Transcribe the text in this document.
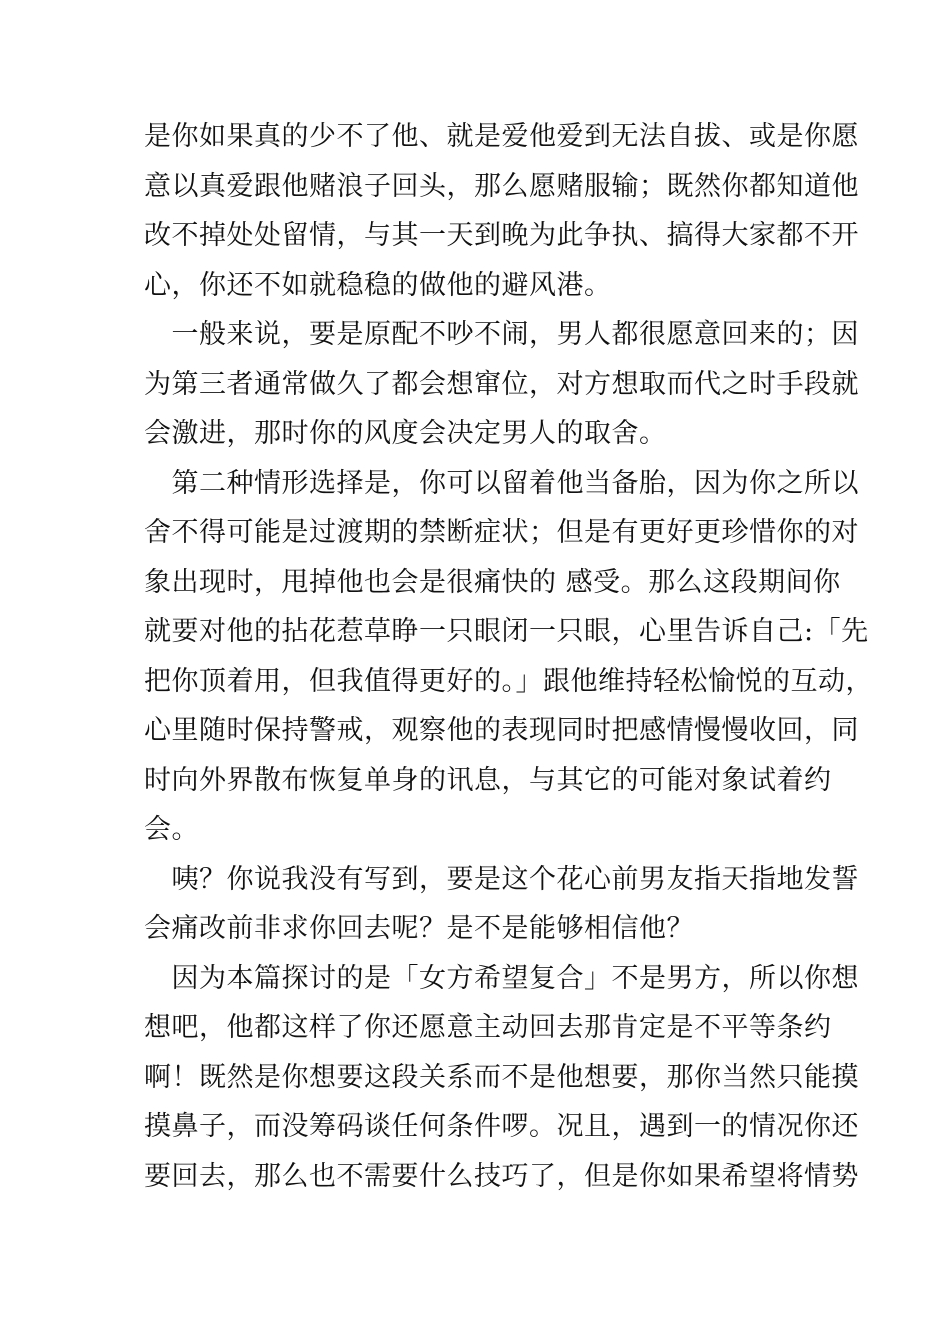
是你如果真的少不了他、就是爱他爱到无法自拔、或是你愿
意以真爱跟他赌浪子回头，那么愿赌服输；既然你都知道他
改不掉处处留情，与其一天到晚为此争执、搞得大家都不开
心，你还不如就稳稳的做他的避风港。
　一般来说，要是原配不吵不闹，男人都很愿意回来的；因
为第三者通常做久了都会想窜位，对方想取而代之时手段就
会激进，那时你的风度会决定男人的取舍。
　第二种情形选择是，你可以留着他当备胎，因为你之所以
舍不得可能是过渡期的禁断症状；但是有更好更珍惜你的对
象出现时，甩掉他也会是很痛快的 感受。那么这段期间你
就要对他的拈花惹草睁一只眼闭一只眼，心里告诉自己:「先
把你顶着用，但我值得更好的。」跟他维持轻松愉悦的互动，
心里随时保持警戒，观察他的表现同时把感情慢慢收回，同
时向外界散布恢复单身的讯息，与其它的可能对象试着约
会。
　咦？你说我没有写到，要是这个花心前男友指天指地发誓
会痛改前非求你回去呢？是不是能够相信他？
　因为本篇探讨的是「女方希望复合」不是男方，所以你想
想吧，他都这样了你还愿意主动回去那肯定是不平等条约
啊！既然是你想要这段关系而不是他想要，那你当然只能摸
摸鼻子，而没筹码谈任何条件啰。况且，遇到一的情况你还
要回去，那么也不需要什么技巧了，但是你如果希望将情势
